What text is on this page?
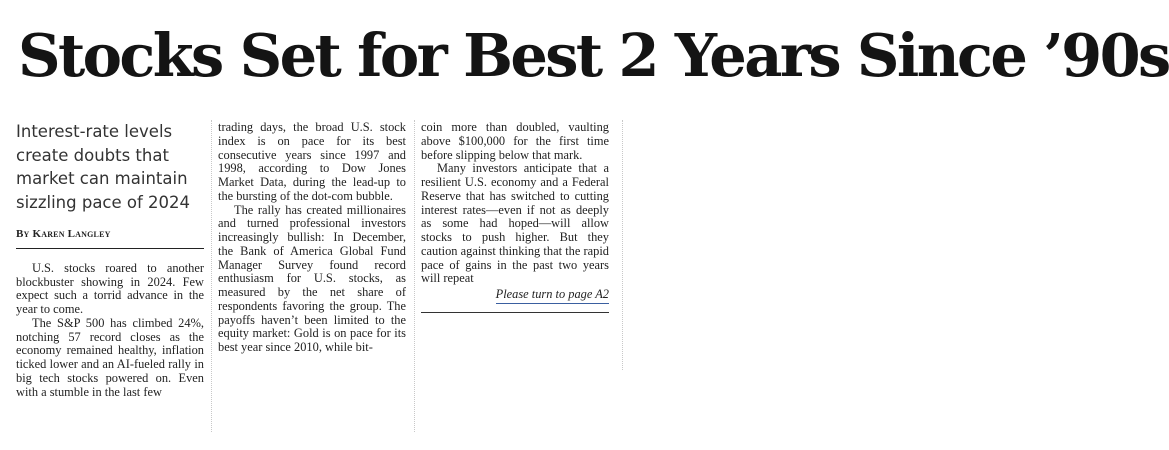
Stocks Set for Best 2 Years Since ’90s

Interest-rate levels create doubts that market can maintain sizzling pace of 2024

By Karen Langley

U.S. stocks roared to another blockbuster showing in 2024. Few expect such a torrid advance in the year to come.

The S&P 500 has climbed 24%, notching 57 record closes as the economy remained healthy, inflation ticked lower and an AI-fueled rally in big tech stocks powered on. Even with a stumble in the last few

trading days, the broad U.S. stock index is on pace for its best consecutive years since 1997 and 1998, according to Dow Jones Market Data, during the lead-up to the bursting of the dot-com bubble.

The rally has created millionaires and turned professional investors increasingly bullish: In December, the Bank of America Global Fund Manager Survey found record enthusiasm for U.S. stocks, as measured by the net share of respondents favoring the group. The payoffs haven’t been limited to the equity market: Gold is on pace for its best year since 2010, while bit-

coin more than doubled, vaulting above $100,000 for the first time before slipping below that mark.

Many investors anticipate that a resilient U.S. economy and a Federal Reserve that has switched to cutting interest rates—even if not as deeply as some had hoped—will allow stocks to push higher. But they caution against thinking that the rapid pace of gains in the past two years will repeat

Please turn to page A2
